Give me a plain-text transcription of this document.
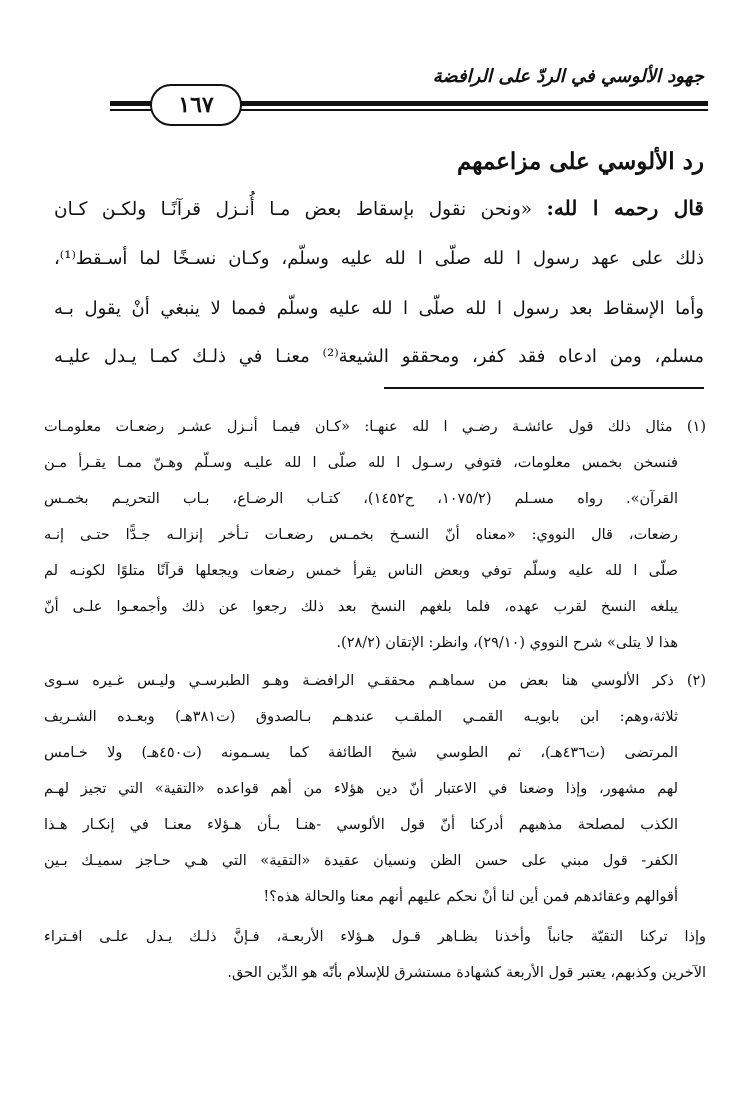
جهود الألوسي في الردّ على الرافضة
١٦٧
رد الألوسي على مزاعمهم
قال رحمه ا لله: «ونحن نقول بإسقاط بعض مـا أُنـزل قرآنًـا ولكـن كـان
ذلك على عهد رسول ا لله صلّى ا لله عليه وسلّم، وكـان نسـخًا لما أسـقط⁽¹⁾،
وأما الإسقاط بعد رسول ا لله صلّى ا لله عليه وسلّم فمما لا ينبغي أنْ يقول بـه
مسلم، ومن ادعاه فقد كفر، ومحققو الشيعة⁽²⁾ معنـا في ذلـك كمـا يـدل عليـه
(١) مثال ذلك قول عائشـة رضـي ا لله عنهـا: «كـان فيمـا أنـزل عشـر رضعـات معلومـات
فنسخن بخمس معلومات، فتوفي رسـول ا لله صلّى ا لله عليـه وسـلّم وهـنّ ممـا يقـرأ مـن
القرآن». رواه مسـلم (١٠٧٥/٢، ح١٤٥٢)، كتـاب الرضـاع، بـاب التحريـم بخمـس
رضعات، قال النووي: «معناه أنّ النسـخ بخمـس رضعـات تـأخر إنزالـه جـدًّا حتـى إنـه
صلّى ا لله عليه وسلّم توفي وبعض الناس يقرأ خمس رضعات ويجعلها قرآنًا متلوًا لكونـه لم
يبلغه النسخ لقرب عهده، فلما بلغهم النسخ بعد ذلك رجعوا عن ذلك وأجمعـوا علـى أنّ
هذا لا يتلى» شرح النووي (٢٩/١٠)، وانظر: الإتقان (٢٨/٢).
(٢) ذكر الألوسي هنا بعض من سماهـم محققـي الرافضـة وهـو الطبرسـي وليـس غـيره سـوى
ثلاثة،وهم: ابن بابويـه القمـي الملقـب عندهـم بـالصدوق (ت٣٨١هـ) وبعـده الشـريف
المرتضى (ت٤٣٦هـ)، ثم الطوسي شيخ الطائفة كما يسـمونه (ت٤٥٠هـ) ولا خـامس
لهم مشهور، وإذا وضعنا في الاعتبار أنّ دين هؤلاء من أهم قواعده «التقية» التي تجيز لهـم
الكذب لمصلحة مذهبهم أدركنا أنّ قول الألوسي -هنـا بـأن هـؤلاء معنـا في إنكـار هـذا
الكفر- قول مبني على حسن الظن ونسيان عقيدة «التقية» التي هـي حـاجز سميـك بـين
أقوالهم وعقائدهم فمن أين لنا أنْ نحكم عليهم أنهم معنا والحالة هذه؟!
وإذا تركنا التقيّة جانباً وأخذنا بظـاهر قـول هـؤلاء الأربعـة، فـإنَّ ذلـك يـدل علـى افـتراء
الآخرين وكذبهم، يعتبر قول الأربعة كشهادة مستشرق للإسلام بأنّه هو الدِّين الحق.
